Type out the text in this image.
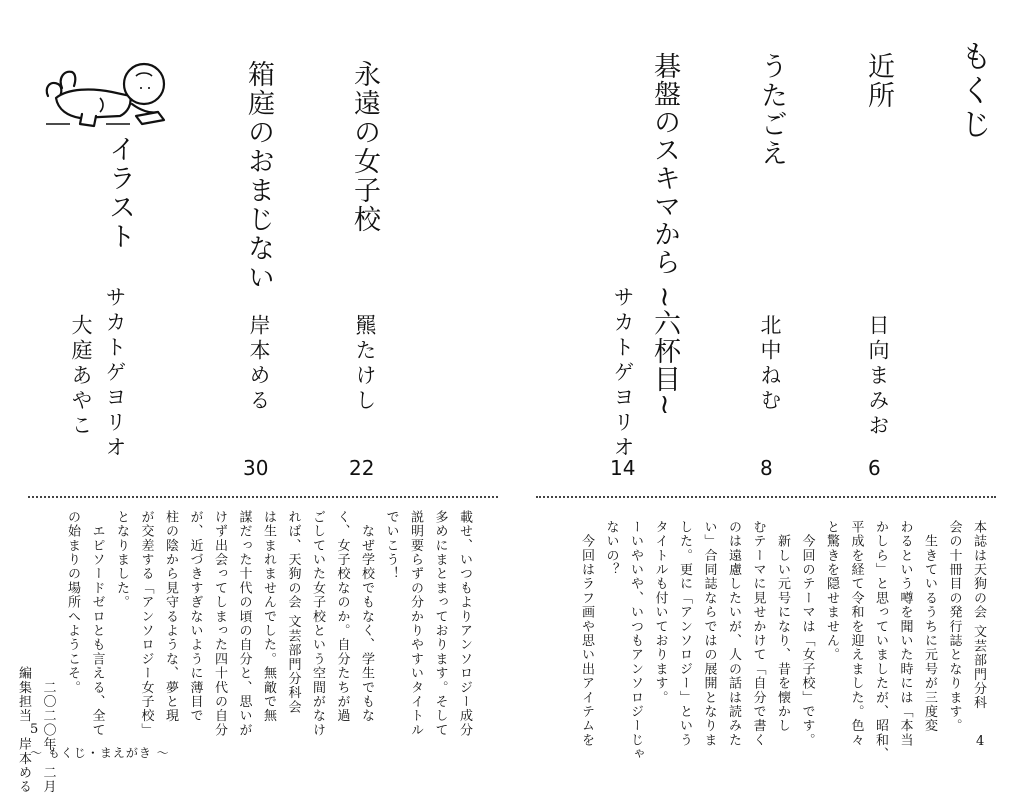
もくじ
近所
うたごえ
碁盤のスキマから ~六杯目~
永遠の女子校
箱庭のおまじない
イラスト
日向まみお
北中ねむ
サカトゲヨリオ
羆たけし
岸本める
サカトゲヨリオ
大庭あやこ
6
8
14
22
30
本誌は天狗の会 文芸部門分科
会の十冊目の発行誌となります。
　生きているうちに元号が三度変
わるという噂を聞いた時には「本当
かしら」と思っていましたが、昭和、
平成を経て令和を迎えました。色々
と驚きを隠せません。
　今回のテーマは「女子校」です。
　新しい元号になり、昔を懐かし
むテーマに見せかけて「自分で書く
のは遠慮したいが、人の話は読みた
い」合同誌ならではの展開となりま
した。更に「アンソロジー」という
タイトルも付いております。
ーいやいや、いつもアンソロジーじゃ
ないの？
　今回はラフ画や思い出アイテムを
載せ、いつもよりアンソロジー成分
多めにまとまっております。そして
説明要らずの分かりやすいタイトル
でいこう！
　なぜ学校でもなく、学生でもな
く、女子校なのか。自分たちが過
ごしていた女子校という空間がなけ
れば、天狗の会 文芸部門分科会
は生まれませんでした。無敵で無
謀だった十代の頃の自分と、思いが
けず出会ってしまった四十代の自分
が、近づきすぎないように薄目で
柱の陰から見守るような、夢と現
が交差する「アンソロジー女子校」
となりました。
　エピソードゼロとも言える、全て
の始まりの場所へようこそ。
　　　　　　　　　　　　二〇二〇年　二月
　　　　　　　　　　　編集担当　岸本める 5
4
〜 もくじ・まえがき 〜
